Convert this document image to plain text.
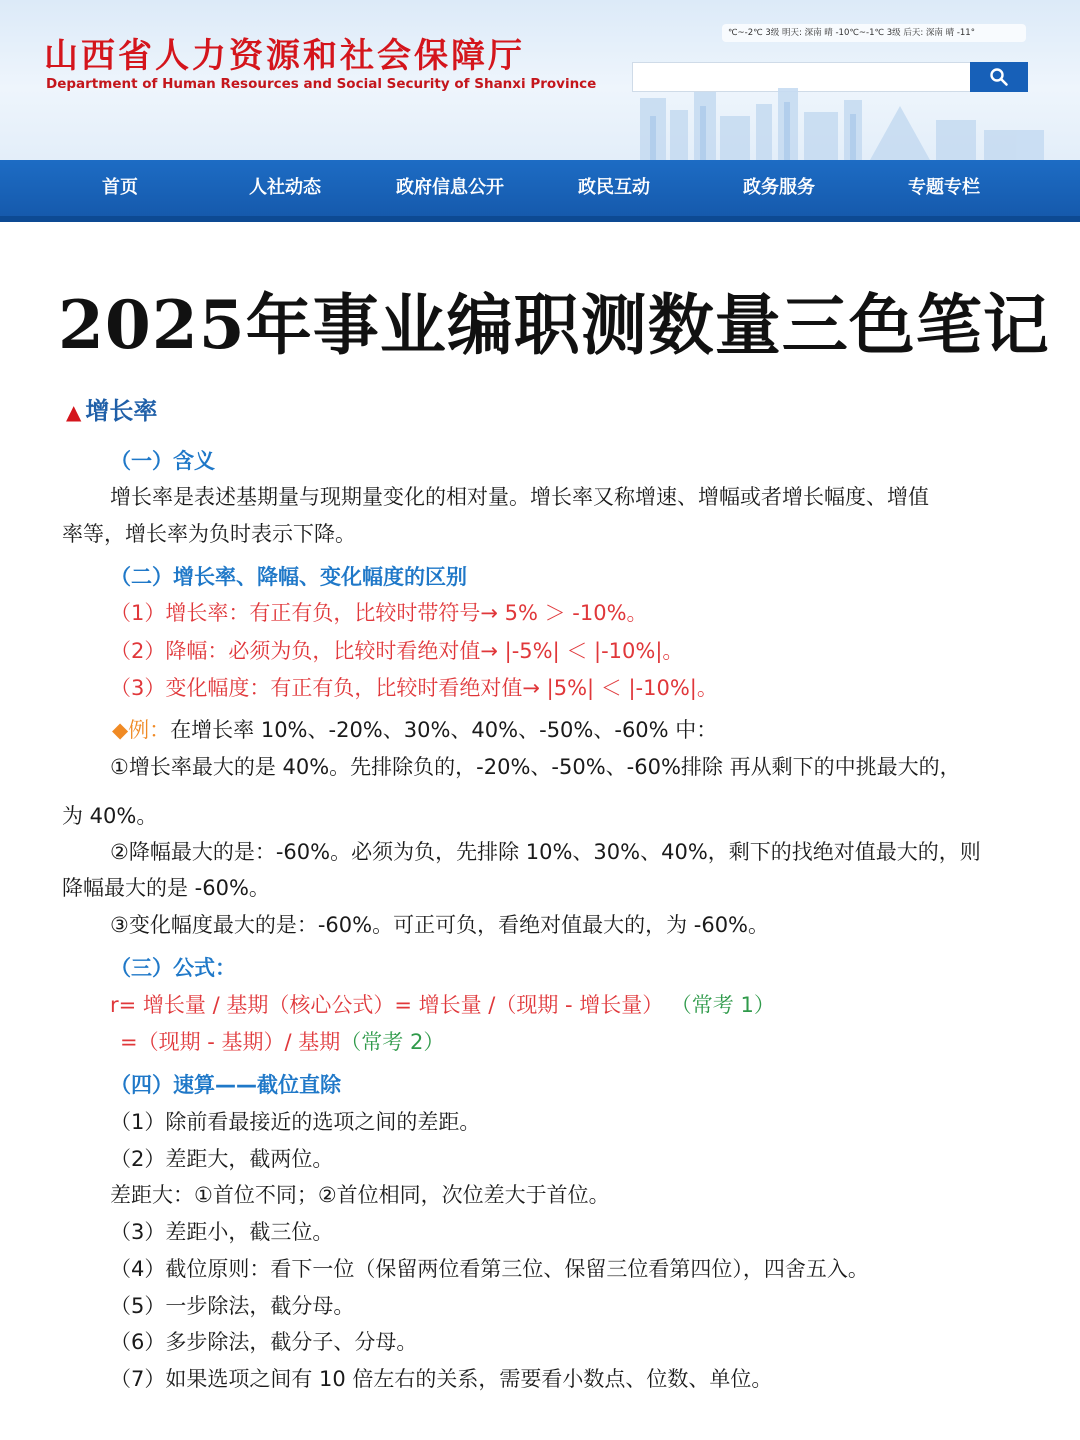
山西省人力资源和社会保障厅
Department of Human Resources and Social Security of Shanxi Province
℃~-2℃ 3级 明天: 深南 晴 -10℃~-1℃ 3级 后天: 深南 晴 -11°
首页	人社动态	政府信息公开	政民互动	政务服务	专题专栏
2025年事业编职测数量三色笔记
▲ 增长率
（一）含义
增长率是表述基期量与现期量变化的相对量。增长率又称增速、增幅或者增长幅度、增值
率等，增长率为负时表示下降。
（二）增长率、降幅、变化幅度的区别
（1）增长率：有正有负，比较时带符号→ 5% ＞ -10%。
（2）降幅：必须为负，比较时看绝对值→ |-5%| ＜ |-10%|。
（3）变化幅度：有正有负，比较时看绝对值→ |5%| ＜ |-10%|。
◆例：在增长率 10%、-20%、30%、40%、-50%、-60% 中：
①增长率最大的是 40%。先排除负的，-20%、-50%、-60%排除 再从剩下的中挑最大的，
为 40%。
②降幅最大的是：-60%。必须为负，先排除 10%、30%、40%，剩下的找绝对值最大的，则
降幅最大的是 -60%。
③变化幅度最大的是：-60%。可正可负，看绝对值最大的，为 -60%。
（三）公式：
r= 增长量 / 基期（核心公式）= 增长量 /（现期 - 增长量） （常考 1）
=（现期 - 基期）/ 基期（常考 2）
（四）速算——截位直除
（1）除前看最接近的选项之间的差距。
（2）差距大，截两位。
差距大：①首位不同；②首位相同，次位差大于首位。
（3）差距小，截三位。
（4）截位原则：看下一位（保留两位看第三位、保留三位看第四位），四舍五入。
（5）一步除法，截分母。
（6）多步除法，截分子、分母。
（7）如果选项之间有 10 倍左右的关系，需要看小数点、位数、单位。
